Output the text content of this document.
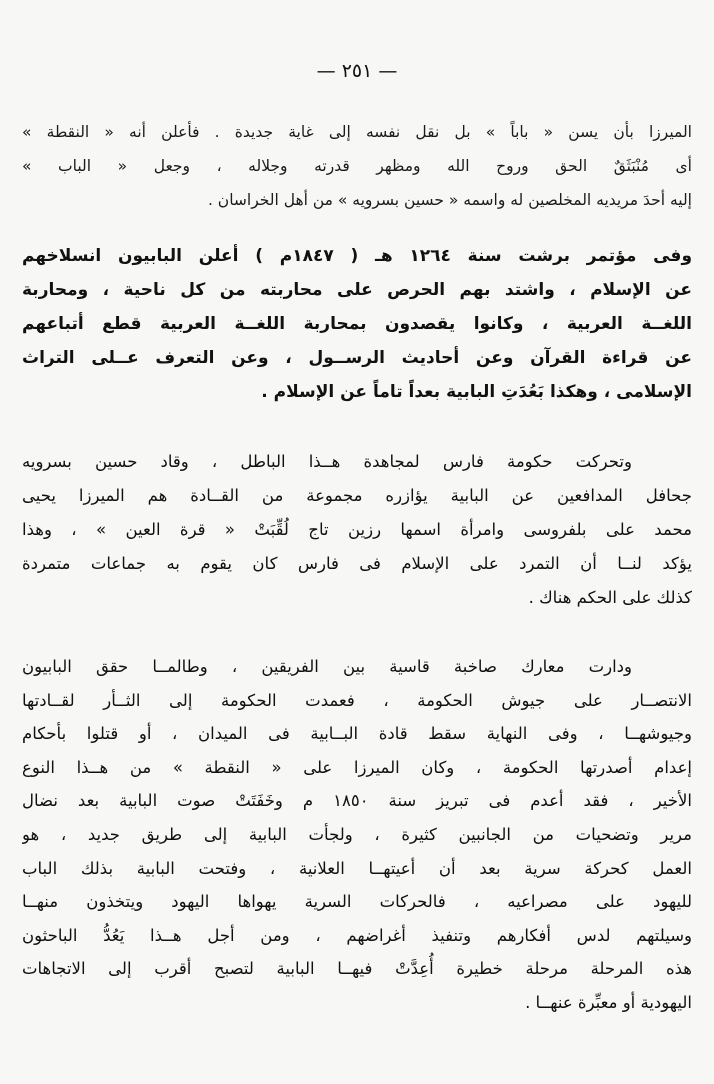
— ٢٥١ —
الميرزا بأن يسن « باباً » بل نقل نفسه إلى غاية جديدة . فأعلن أنه « النقطة »
أى مُنْبَثَقٌ الحق وروح الله ومظهر قدرته وجلاله ، وجعل « الباب »
إليه أحدَ مريديه المخلصين له واسمه « حسين بسرويه » من أهل الخراسان .
وفى مؤتمر برشت سنة ١٢٦٤ هـ ( ١٨٤٧م ) أعلن البابيون انسلاخهم
عن الإسلام ، واشتد بهم الحرص على محاربته من كل ناحية ، ومحاربة
اللغــة العربية ، وكانوا يقصدون بمحاربة اللغــة العربية قطع أتباعهم
عن قراءة القرآن وعن أحاديث الرســول ، وعن التعرف عــلى التراث
الإسلامى ، وهكذا بَعُدَتِ البابية بعداً تاماً عن الإسلام .
وتحركت حكومة فارس لمجاهدة هــذا الباطل ، وقاد حسين بسرويه
جحافل المدافعين عن البابية يؤازره مجموعة من القــادة هم الميرزا يحيى
محمد على بلفروسى وامرأة اسمها رزين تاج لُقِّبَتْ « قرة العين » ، وهذا
يؤكد لنــا أن التمرد على الإسلام فى فارس كان يقوم به جماعات متمردة
كذلك على الحكم هناك .
ودارت معارك صاخبة قاسية بين الفريقين ، وطالمــا حقق البابيون
الانتصــار على جيوش الحكومة ، فعمدت الحكومة إلى الثــأر لقــادتها
وجيوشهــا ، وفى النهاية سقط قادة البــابية فى الميدان ، أو قتلوا بأحكام
إعدام أصدرتها الحكومة ، وكان الميرزا على « النقطة » من هــذا النوع
الأخير ، فقد أعدم فى تبريز سنة ١٨٥٠ م وخَفَتَتْ صوت البابية بعد نضال
مرير وتضحيات من الجانبين كثيرة ، ولجأت البابية إلى طريق جديد ، هو
العمل كحركة سرية بعد أن أعيتهــا العلانية ، وفتحت البابية بذلك الباب
لليهود على مصراعيه ، فالحركات السرية يهواها اليهود ويتخذون منهــا
وسيلتهم لدس أفكارهم وتنفيذ أغراضهم ، ومن أجل هــذا يَعُدُّ الباحثون
هذه المرحلة مرحلة خطيرة أُعِدَّتْ فيهــا البابية لتصبح أقرب إلى الاتجاهات
اليهودية أو معبِّرة عنهــا .
